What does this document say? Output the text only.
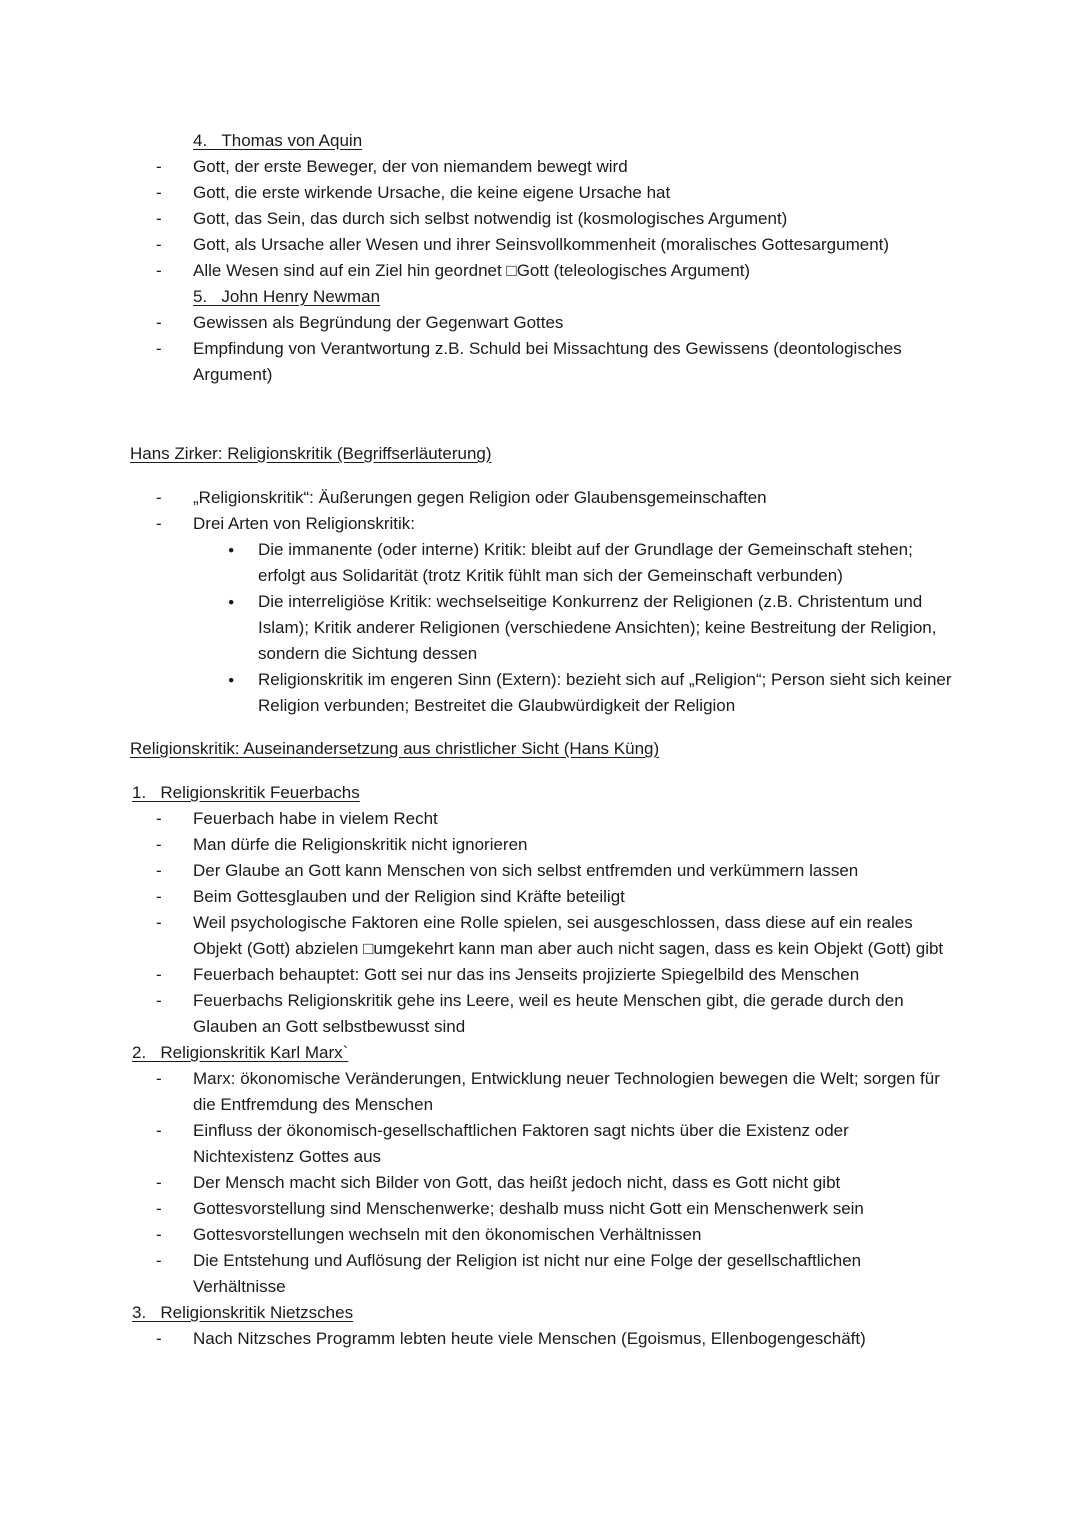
4. Thomas von Aquin
-	Gott, der erste Beweger, der von niemandem bewegt wird
-	Gott, die erste wirkende Ursache, die keine eigene Ursache hat
-	Gott, das Sein, das durch sich selbst notwendig ist (kosmologisches Argument)
-	Gott, als Ursache aller Wesen und ihrer Seinsvollkommenheit (moralisches Gottesargument)
-	Alle Wesen sind auf ein Ziel hin geordnet □Gott (teleologisches Argument)
5. John Henry Newman
-	Gewissen als Begründung der Gegenwart Gottes
-	Empfindung von Verantwortung z.B. Schuld bei Missachtung des Gewissens (deontologisches Argument)
Hans Zirker: Religionskritik (Begriffserläuterung)
-	„Religionskritik“: Äußerungen gegen Religion oder Glaubensgemeinschaften
-	Drei Arten von Religionskritik:
●	Die immanente (oder interne) Kritik: bleibt auf der Grundlage der Gemeinschaft stehen; erfolgt aus Solidarität (trotz Kritik fühlt man sich der Gemeinschaft verbunden)
●	Die interreligiöse Kritik: wechselseitige Konkurrenz der Religionen (z.B. Christentum und Islam); Kritik anderer Religionen (verschiedene Ansichten); keine Bestreitung der Religion, sondern die Sichtung dessen
●	Religionskritik im engeren Sinn (Extern): bezieht sich auf „Religion“; Person sieht sich keiner Religion verbunden; Bestreitet die Glaubwürdigkeit der Religion
Religionskritik: Auseinandersetzung aus christlicher Sicht (Hans Küng)
1. Religionskritik Feuerbachs
-	Feuerbach habe in vielem Recht
-	Man dürfe die Religionskritik nicht ignorieren
-	Der Glaube an Gott kann Menschen von sich selbst entfremden und verkümmern lassen
-	Beim Gottesglauben und der Religion sind Kräfte beteiligt
-	Weil psychologische Faktoren eine Rolle spielen, sei ausgeschlossen, dass diese auf ein reales Objekt (Gott) abzielen □umgekehrt kann man aber auch nicht sagen, dass es kein Objekt (Gott) gibt
-	Feuerbach behauptet: Gott sei nur das ins Jenseits projizierte Spiegelbild des Menschen
-	Feuerbachs Religionskritik gehe ins Leere, weil es heute Menschen gibt, die gerade durch den Glauben an Gott selbstbewusst sind
2. Religionskritik Karl Marx`
-	Marx: ökonomische Veränderungen, Entwicklung neuer Technologien bewegen die Welt; sorgen für die Entfremdung des Menschen
-	Einfluss der ökonomisch-gesellschaftlichen Faktoren sagt nichts über die Existenz oder Nichtexistenz Gottes aus
-	Der Mensch macht sich Bilder von Gott, das heißt jedoch nicht, dass es Gott nicht gibt
-	Gottesvorstellung sind Menschenwerke; deshalb muss nicht Gott ein Menschenwerk sein
-	Gottesvorstellungen wechseln mit den ökonomischen Verhältnissen
-	Die Entstehung und Auflösung der Religion ist nicht nur eine Folge der gesellschaftlichen Verhältnisse
3. Religionskritik Nietzsches
-	Nach Nitzsches Programm lebten heute viele Menschen (Egoismus, Ellenbogengeschäft)
